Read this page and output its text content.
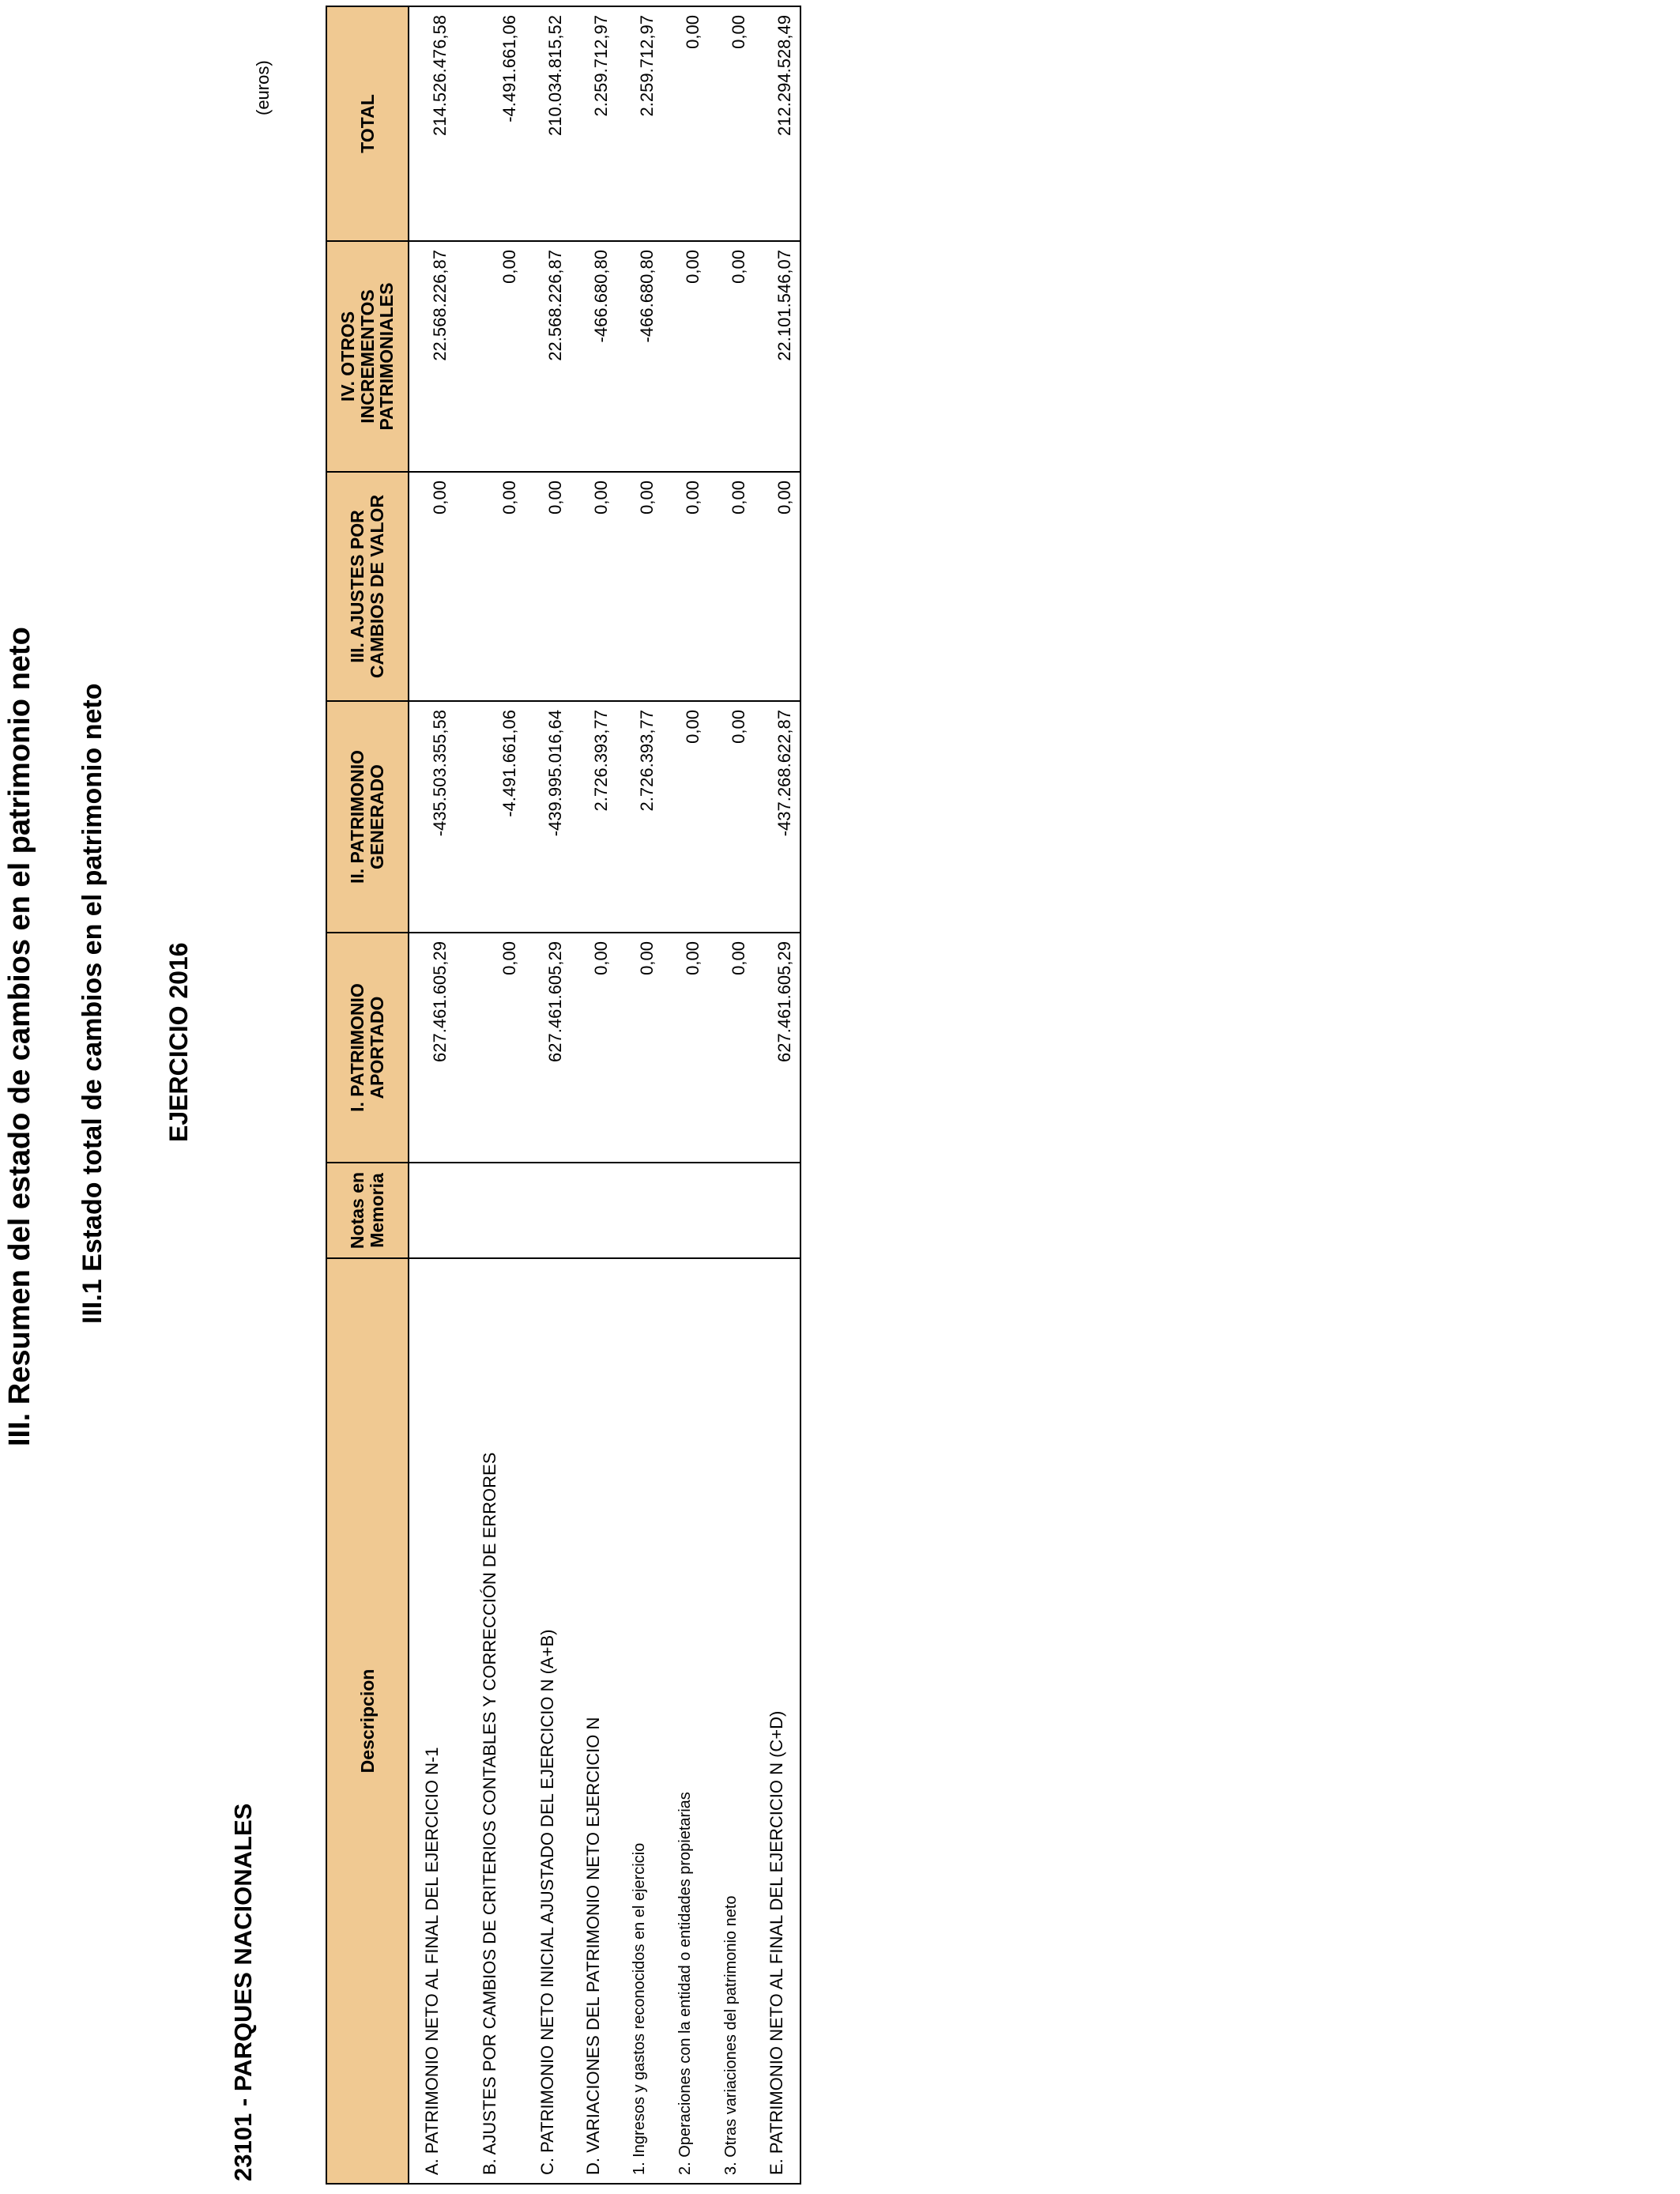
III. Resumen del estado de cambios en el patrimonio neto III.1 Estado total de cambios en el patrimonio neto EJERCICIO 2016
23101 - PARQUES NACIONALES
(euros)
Descripcion	Notas en Memoria	I. PATRIMONIO APORTADO	II. PATRIMONIO GENERADO	III. AJUSTES POR CAMBIOS DE VALOR	IV. OTROS INCREMENTOS PATRIMONIALES	TOTAL
A. PATRIMONIO NETO AL FINAL DEL EJERCICIO N-1		627.461.605,29	-435.503.355,58	0,00	22.568.226,87	214.526.476,58
B. AJUSTES POR CAMBIOS DE CRITERIOS CONTABLES Y CORRECCIÓN DE ERRORES		0,00	-4.491.661,06	0,00	0,00	-4.491.661,06
C. PATRIMONIO NETO INICIAL AJUSTADO DEL EJERCICIO N (A+B)		627.461.605,29	-439.995.016,64	0,00	22.568.226,87	210.034.815,52
D. VARIACIONES DEL PATRIMONIO NETO EJERCICIO N		0,00	2.726.393,77	0,00	-466.680,80	2.259.712,97
1. Ingresos y gastos reconocidos en el ejercicio		0,00	2.726.393,77	0,00	-466.680,80	2.259.712,97
2. Operaciones con la entidad o entidades propietarias		0,00	0,00	0,00	0,00	0,00
3. Otras variaciones del patrimonio neto		0,00	0,00	0,00	0,00	0,00
E. PATRIMONIO NETO AL FINAL DEL EJERCICIO N (C+D)		627.461.605,29	-437.268.622,87	0,00	22.101.546,07	212.294.528,49
